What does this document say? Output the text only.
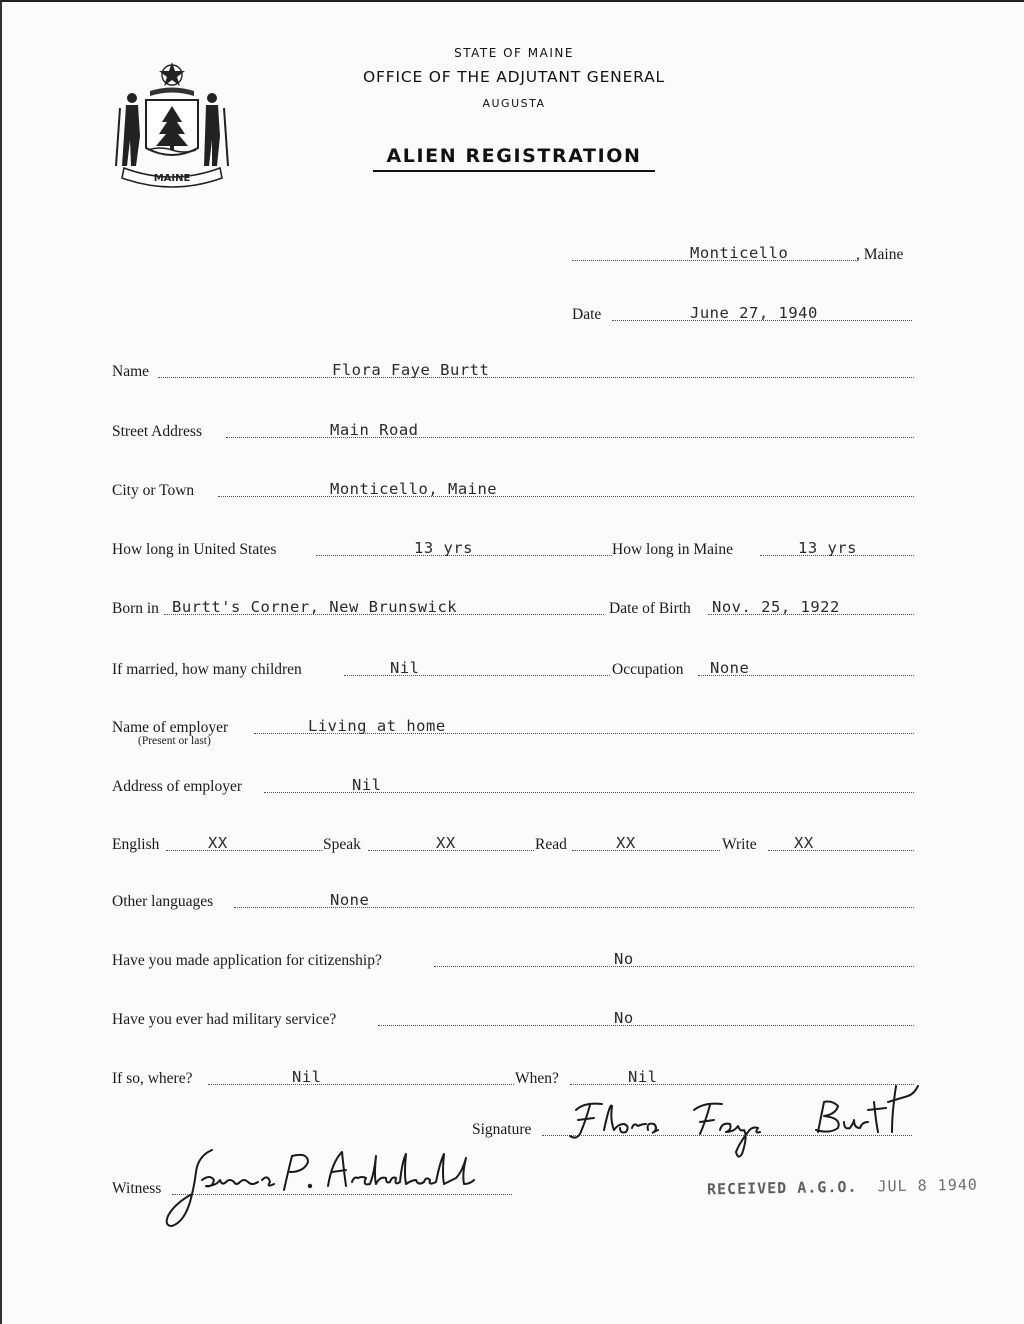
STATE OF MAINE
OFFICE OF THE ADJUTANT GENERAL
AUGUSTA
ALIEN REGISTRATION
MAINE
Monticello	, Maine
Date	June 27, 1940
Name	Flora Faye Burtt
Street Address	Main Road
City or Town	Monticello, Maine
How long in United States	13 yrs	How long in Maine	13 yrs
Born in Burtt's Corner, New Brunswick	Date of Birth Nov. 25, 1922
If married, how many children	Nil	Occupation None
Name of employer	Living at home
(Present or last)
Address of employer	Nil
English	XX	Speak	XX	Read	XX	Write XX
Other languages	None
Have you made application for citizenship?	No
Have you ever had military service?	No
If so, where?	Nil	When?	Nil
Signature
Witness	RECEIVED A.G.O. JUL 8 1940
